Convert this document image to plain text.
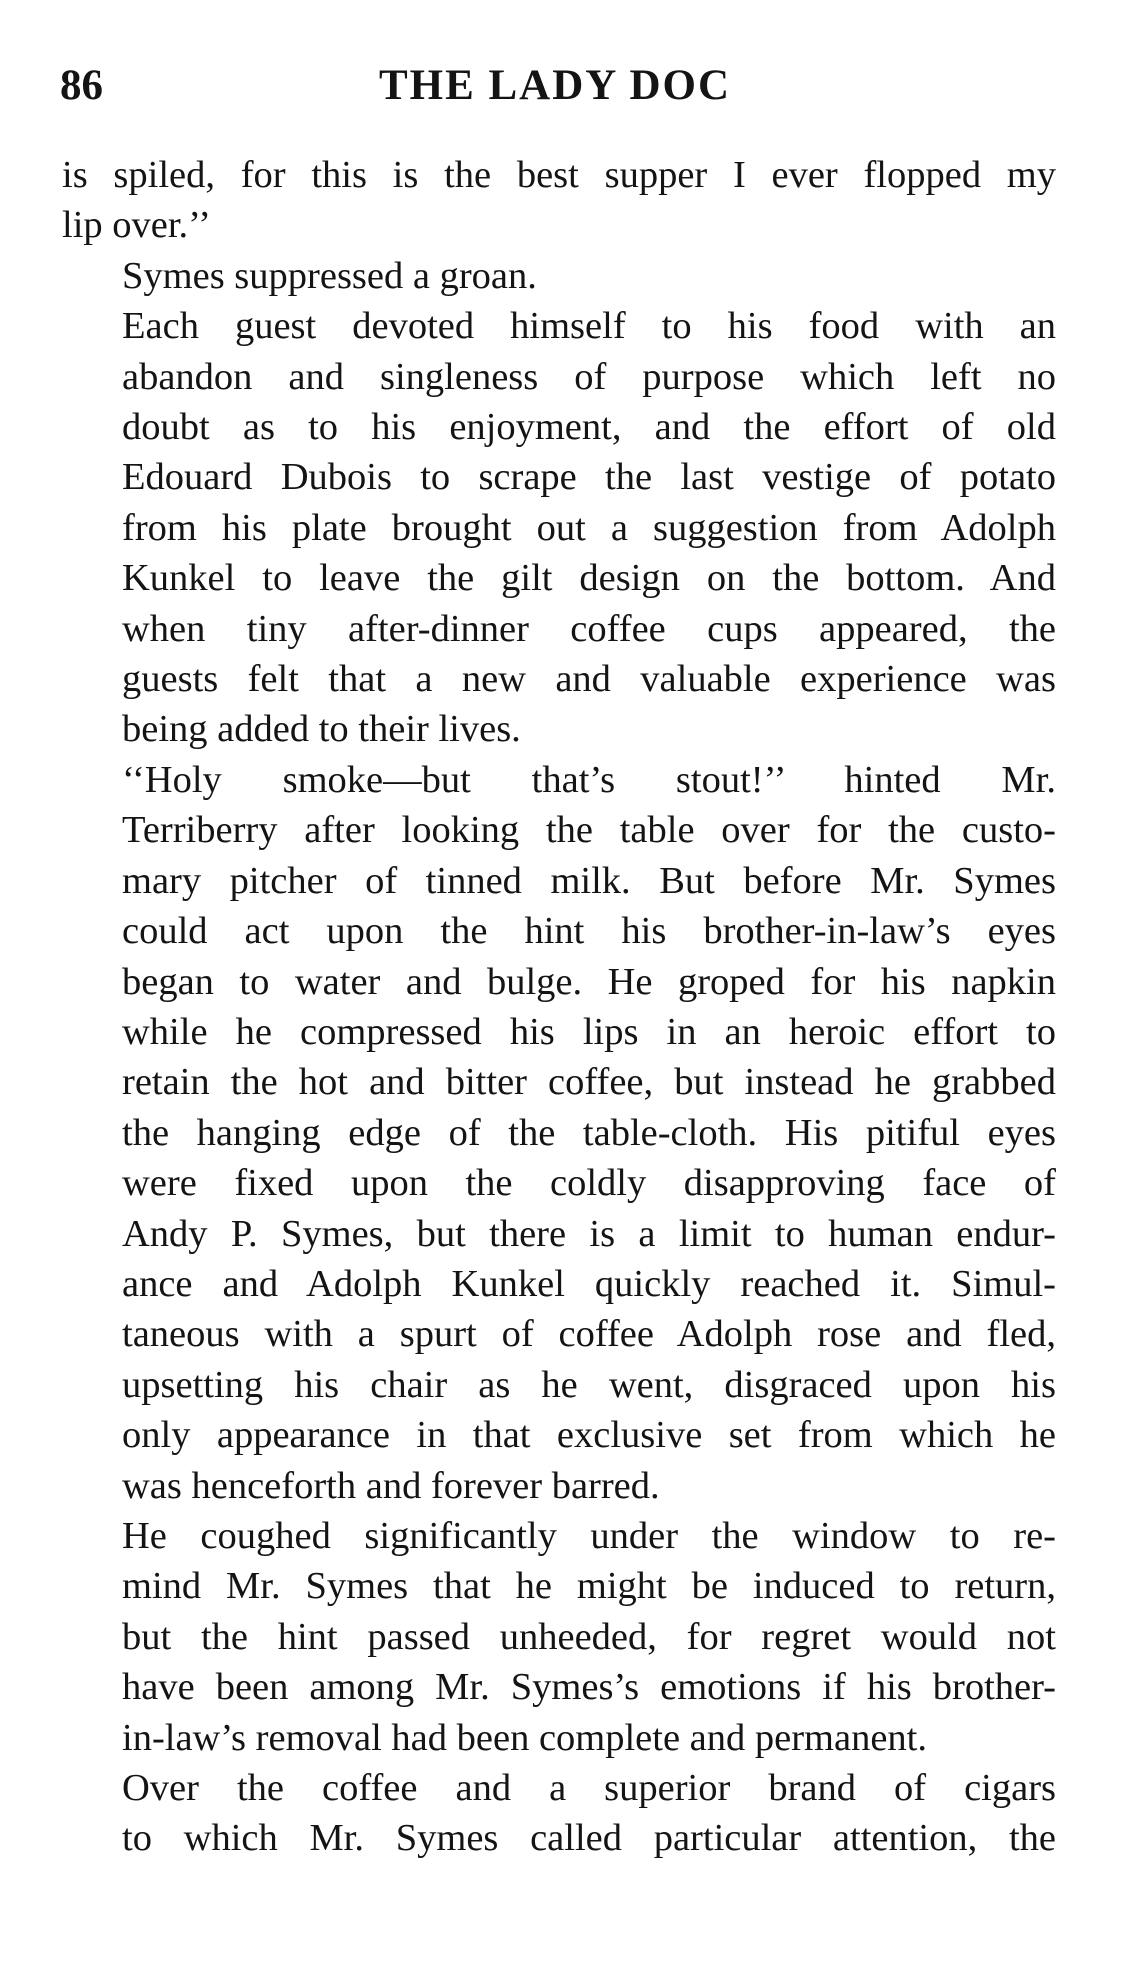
86	THE LADY DOC

is spiled, for this is the best supper I ever flopped my
lip over.’’

Symes suppressed a groan.

Each guest devoted himself to his food with an
abandon and singleness of purpose which left no
doubt as to his enjoyment, and the effort of old
Edouard Dubois to scrape the last vestige of potato
from his plate brought out a suggestion from Adolph
Kunkel to leave the gilt design on the bottom. And
when tiny after-dinner coffee cups appeared, the
guests felt that a new and valuable experience was
being added to their lives.

‘‘Holy smoke—but that’s stout!’’ hinted Mr.
Terriberry after looking the table over for the custo-
mary pitcher of tinned milk. But before Mr. Symes
could act upon the hint his brother-in-law’s eyes
began to water and bulge. He groped for his napkin
while he compressed his lips in an heroic effort to
retain the hot and bitter coffee, but instead he grabbed
the hanging edge of the table-cloth. His pitiful eyes
were fixed upon the coldly disapproving face of
Andy P. Symes, but there is a limit to human endur-
ance and Adolph Kunkel quickly reached it. Simul-
taneous with a spurt of coffee Adolph rose and fled,
upsetting his chair as he went, disgraced upon his
only appearance in that exclusive set from which he
was henceforth and forever barred.

He coughed significantly under the window to re-
mind Mr. Symes that he might be induced to return,
but the hint passed unheeded, for regret would not
have been among Mr. Symes’s emotions if his brother-
in-law’s removal had been complete and permanent.

Over the coffee and a superior brand of cigars
to which Mr. Symes called particular attention, the
